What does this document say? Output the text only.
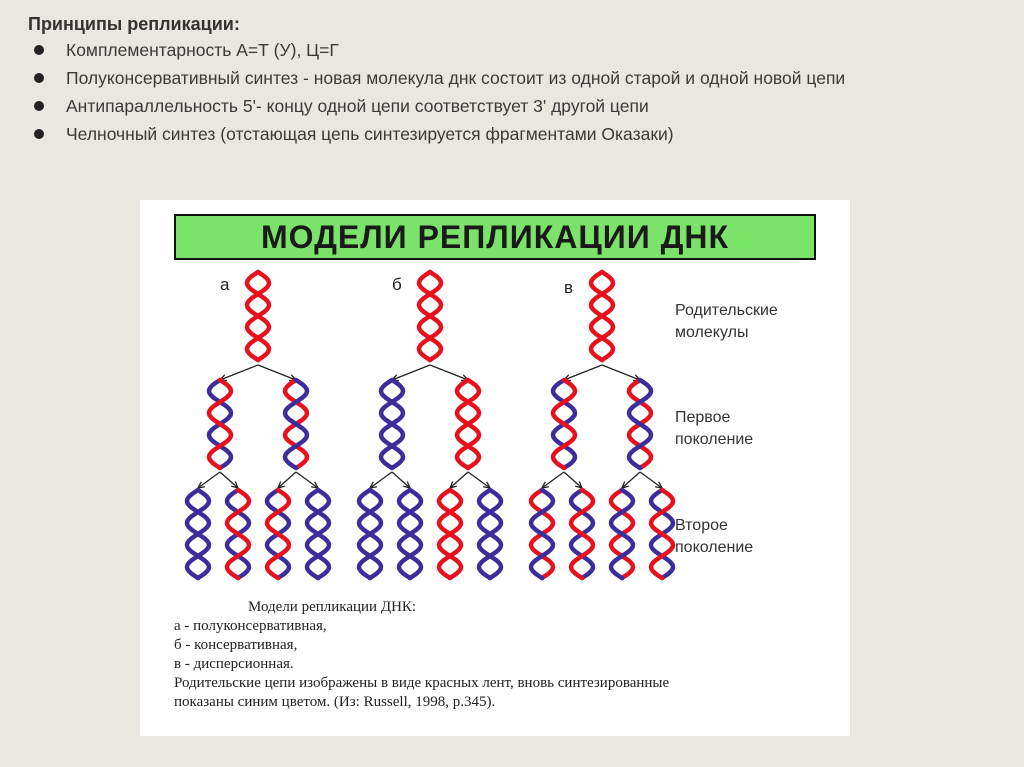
Принципы репликации:
Комплементарность А=Т (У), Ц=Г
Полуконсервативный синтез - новая молекула днк состоит из одной старой и одной новой цепи
Антипараллельность 5'- концу одной цепи соответствует 3' другой цепи
Челночный синтез (отстающая цепь синтезируется фрагментами Оказаки)
МОДЕЛИ РЕПЛИКАЦИИ ДНК
а	б	в
Родительские
молекулы
Первое
поколение
Второе
поколение
Модели репликации ДНК:
а - полуконсервативная,
б - консервативная,
в - дисперсионная.
Родительские цепи изображены в виде красных лент, вновь синтезированные
показаны синим цветом. (Из: Russell, 1998, р.345).
